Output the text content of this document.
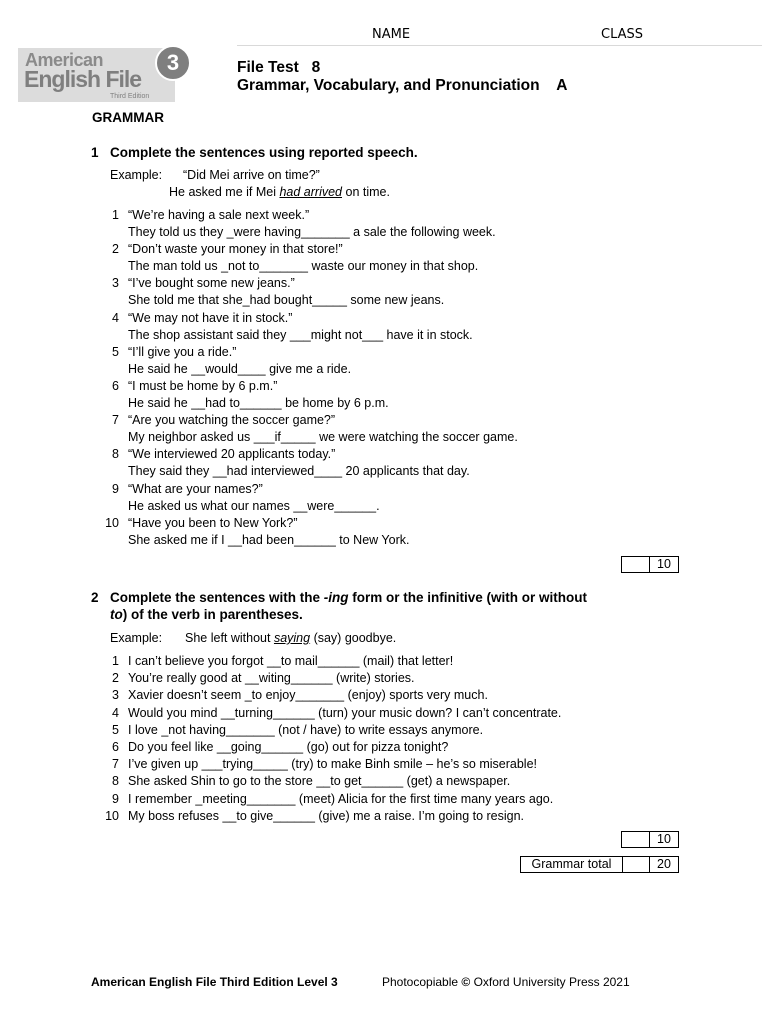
NAME	CLASS
American
English File
Third Edition
3	File Test   8
Grammar, Vocabulary, and Pronunciation    A
GRAMMAR
1 Complete the sentences using reported speech.
Example: “Did Mei arrive on time?”
He asked me if Mei had arrived on time.
1 “We’re having a sale next week.”
They told us they _were having_______ a sale the following week.
2 “Don’t waste your money in that store!”
The man told us _not to_______ waste our money in that shop.
3 “I’ve bought some new jeans.”
She told me that she_had bought_____ some new jeans.
4 “We may not have it in stock.”
The shop assistant said they ___might not___ have it in stock.
5 “I’ll give you a ride.”
He said he __would____ give me a ride.
6 “I must be home by 6 p.m.”
He said he __had to______ be home by 6 p.m.
7 “Are you watching the soccer game?”
My neighbor asked us ___if_____ we were watching the soccer game.
8 “We interviewed 20 applicants today.”
They said they __had interviewed____ 20 applicants that day.
9 “What are your names?”
He asked us what our names __were______.
10 “Have you been to New York?”
She asked me if I __had been______ to New York.
10
2 Complete the sentences with the -ing form or the infinitive (with or without
to) of the verb in parentheses.
Example: She left without saying (say) goodbye.
1 I can’t believe you forgot __to mail______ (mail) that letter!
2 You’re really good at __witing______ (write) stories.
3 Xavier doesn’t seem _to enjoy_______ (enjoy) sports very much.
4 Would you mind __turning______ (turn) your music down? I can’t concentrate.
5 I love _not having_______ (not / have) to write essays anymore.
6 Do you feel like __going______ (go) out for pizza tonight?
7 I’ve given up ___trying_____ (try) to make Binh smile – he’s so miserable!
8 She asked Shin to go to the store __to get______ (get) a newspaper.
9 I remember _meeting_______ (meet) Alicia for the first time many years ago.
10 My boss refuses __to give______ (give) me a raise. I’m going to resign.
10
Grammar total	20
American English File Third Edition Level 3	Photocopiable © Oxford University Press 2021
